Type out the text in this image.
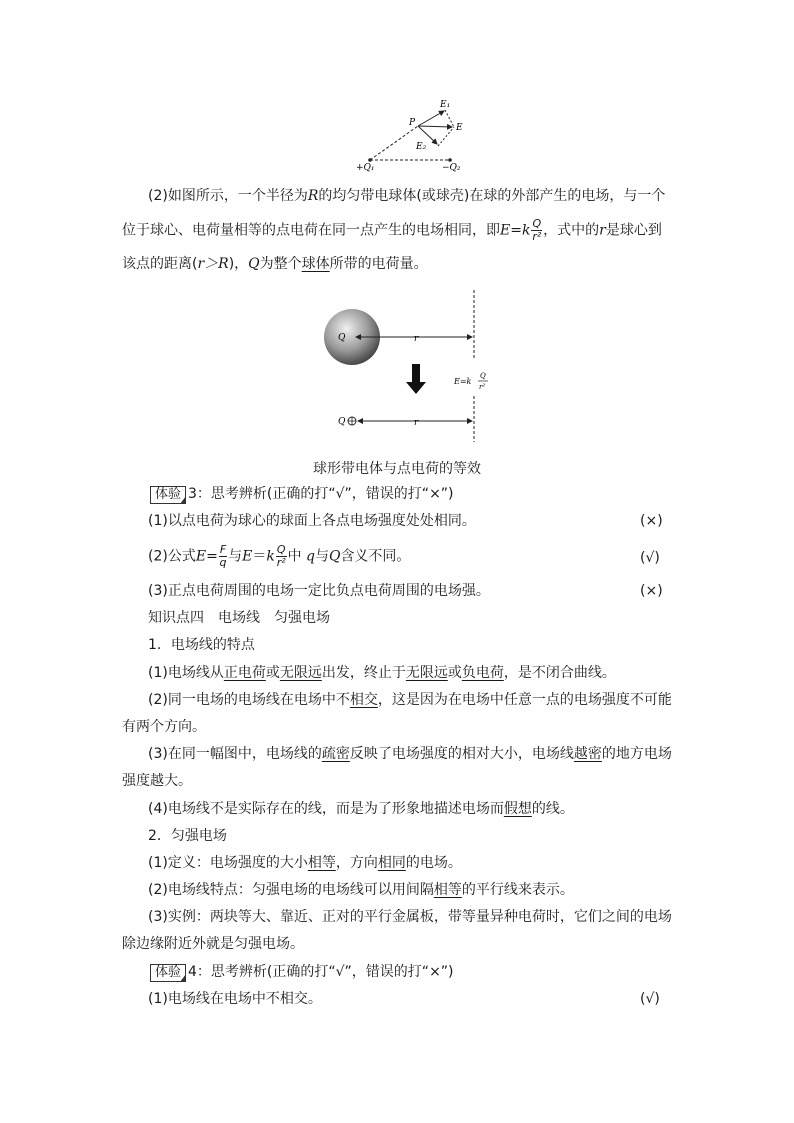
E₁
P	E
E₂
+Q₁	−Q₂
(2)如图所示，一个半径为R的均匀带电球体(或球壳)在球的外部产生的电场，与一个
位于球心、电荷量相等的点电荷在同一点产生的电场相同，即$E=k \frac{Q}{\text{r²}}$ ，式中的r是球心到
该点的距离(r＞R)，Q为整个球体所带的电荷量。
Q	r
E=k
Q
r²
Q	r
球形带电体与点电荷的等效
体验 3：思考辨析(正确的打“√”，错误的打“×”)
(1)以点电荷为球心的球面上各点电场强度处处相同。	(×)
(2)公式$E= \frac{F}{q}$ 与$E=k \frac{Q}{\text{r²}}$ 中 q与Q含义不同。	(√)
(3)正点电荷周围的电场一定比负点电荷周围的电场强。	(×)
知识点四　电场线　匀强电场
1．电场线的特点
(1)电场线从正电荷或无限远出发，终止于无限远或负电荷，是不闭合曲线。
(2)同一电场的电场线在电场中不相交，这是因为在电场中任意一点的电场强度不可能
有两个方向。
(3)在同一幅图中，电场线的疏密反映了电场强度的相对大小，电场线越密的地方电场
强度越大。
(4)电场线不是实际存在的线，而是为了形象地描述电场而假想的线。
2．匀强电场
(1)定义：电场强度的大小相等，方向相同的电场。
(2)电场线特点：匀强电场的电场线可以用间隔相等的平行线来表示。
(3)实例：两块等大、靠近、正对的平行金属板，带等量异种电荷时，它们之间的电场
除边缘附近外就是匀强电场。
体验 4：思考辨析(正确的打“√”，错误的打“×”)
(1)电场线在电场中不相交。	(√)
